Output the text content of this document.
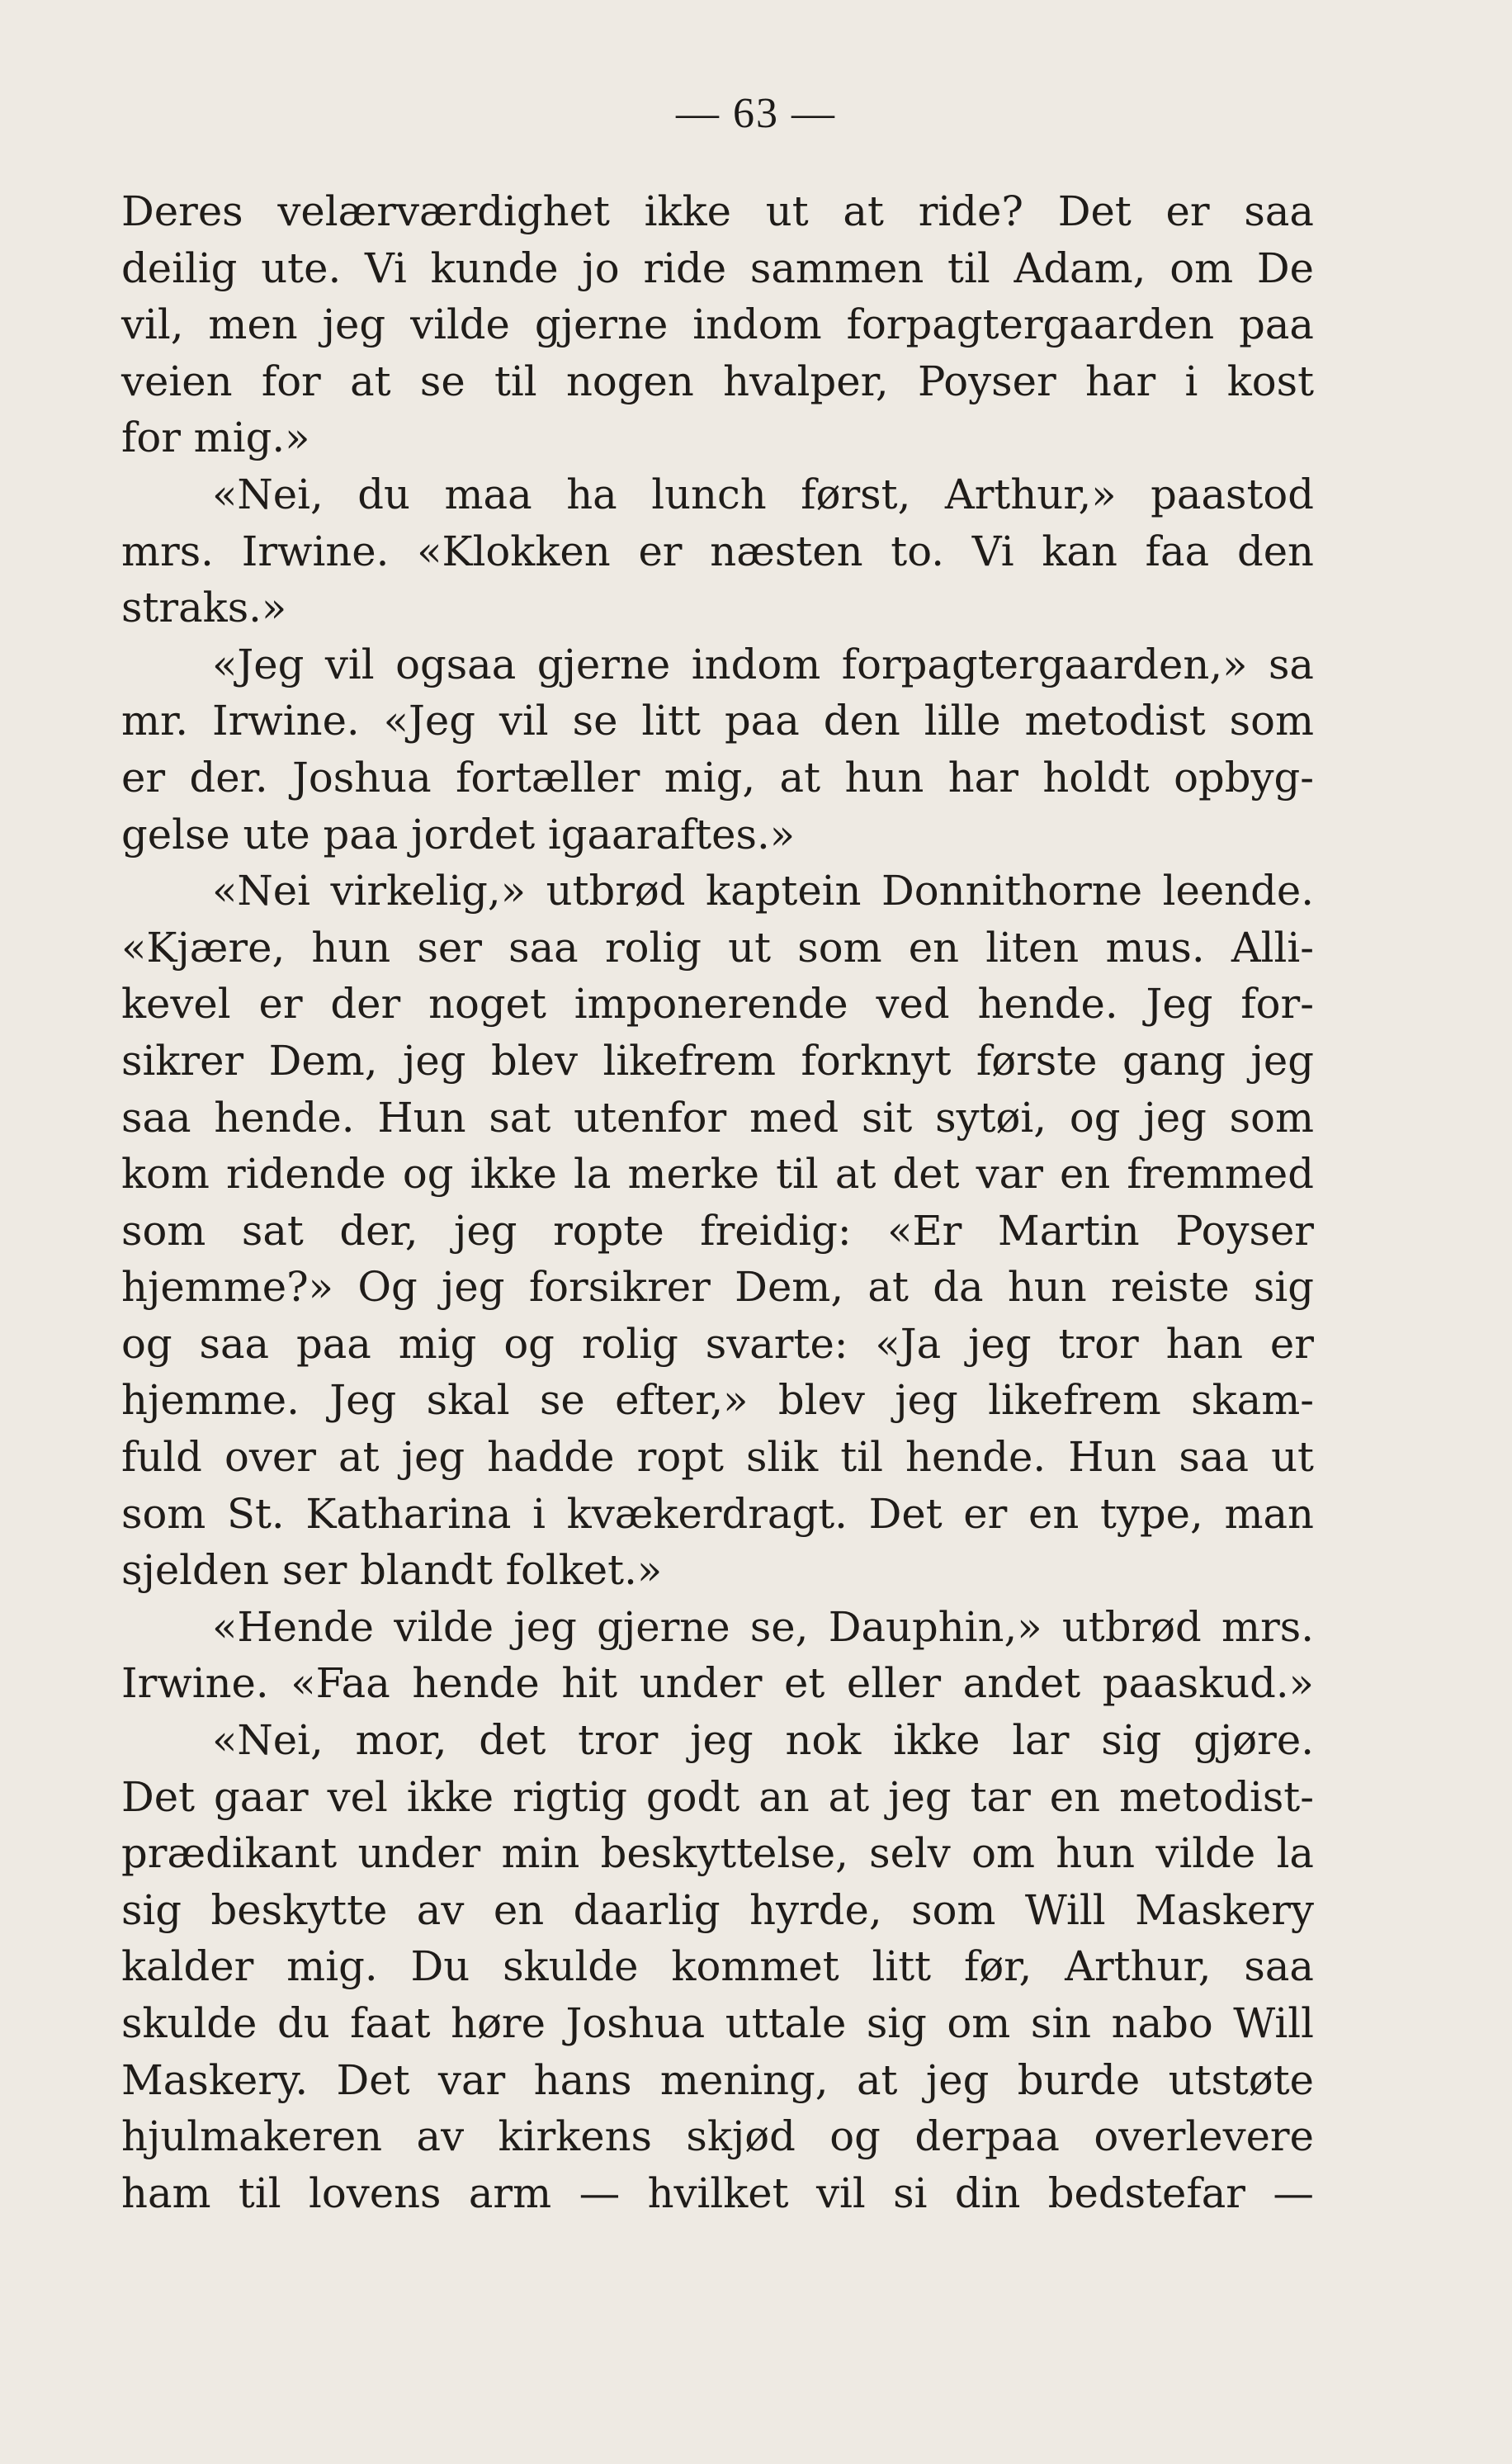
— 63 —
Deres velærværdighet ikke ut at ride? Det er saa
deilig ute. Vi kunde jo ride sammen til Adam, om De
vil, men jeg vilde gjerne indom forpagtergaarden paa
veien for at se til nogen hvalper, Poyser har i kost
for mig.»
«Nei, du maa ha lunch først, Arthur,» paastod
mrs. Irwine. «Klokken er næsten to. Vi kan faa den
straks.»
«Jeg vil ogsaa gjerne indom forpagtergaarden,» sa
mr. Irwine. «Jeg vil se litt paa den lille metodist som
er der. Joshua fortæller mig, at hun har holdt opbyg-
gelse ute paa jordet igaaraftes.»
«Nei virkelig,» utbrød kaptein Donnithorne leende.
«Kjære, hun ser saa rolig ut som en liten mus. Alli-
kevel er der noget imponerende ved hende. Jeg for-
sikrer Dem, jeg blev likefrem forknyt første gang jeg
saa hende. Hun sat utenfor med sit sytøi, og jeg som
kom ridende og ikke la merke til at det var en fremmed
som sat der, jeg ropte freidig: «Er Martin Poyser
hjemme?» Og jeg forsikrer Dem, at da hun reiste sig
og saa paa mig og rolig svarte: «Ja jeg tror han er
hjemme. Jeg skal se efter,» blev jeg likefrem skam-
fuld over at jeg hadde ropt slik til hende. Hun saa ut
som St. Katharina i kvækerdragt. Det er en type, man
sjelden ser blandt folket.»
«Hende vilde jeg gjerne se, Dauphin,» utbrød mrs.
Irwine. «Faa hende hit under et eller andet paaskud.»
«Nei, mor, det tror jeg nok ikke lar sig gjøre.
Det gaar vel ikke rigtig godt an at jeg tar en metodist-
prædikant under min beskyttelse, selv om hun vilde la
sig beskytte av en daarlig hyrde, som Will Maskery
kalder mig. Du skulde kommet litt før, Arthur, saa
skulde du faat høre Joshua uttale sig om sin nabo Will
Maskery. Det var hans mening, at jeg burde utstøte
hjulmakeren av kirkens skjød og derpaa overlevere
ham til lovens arm — hvilket vil si din bedstefar —
